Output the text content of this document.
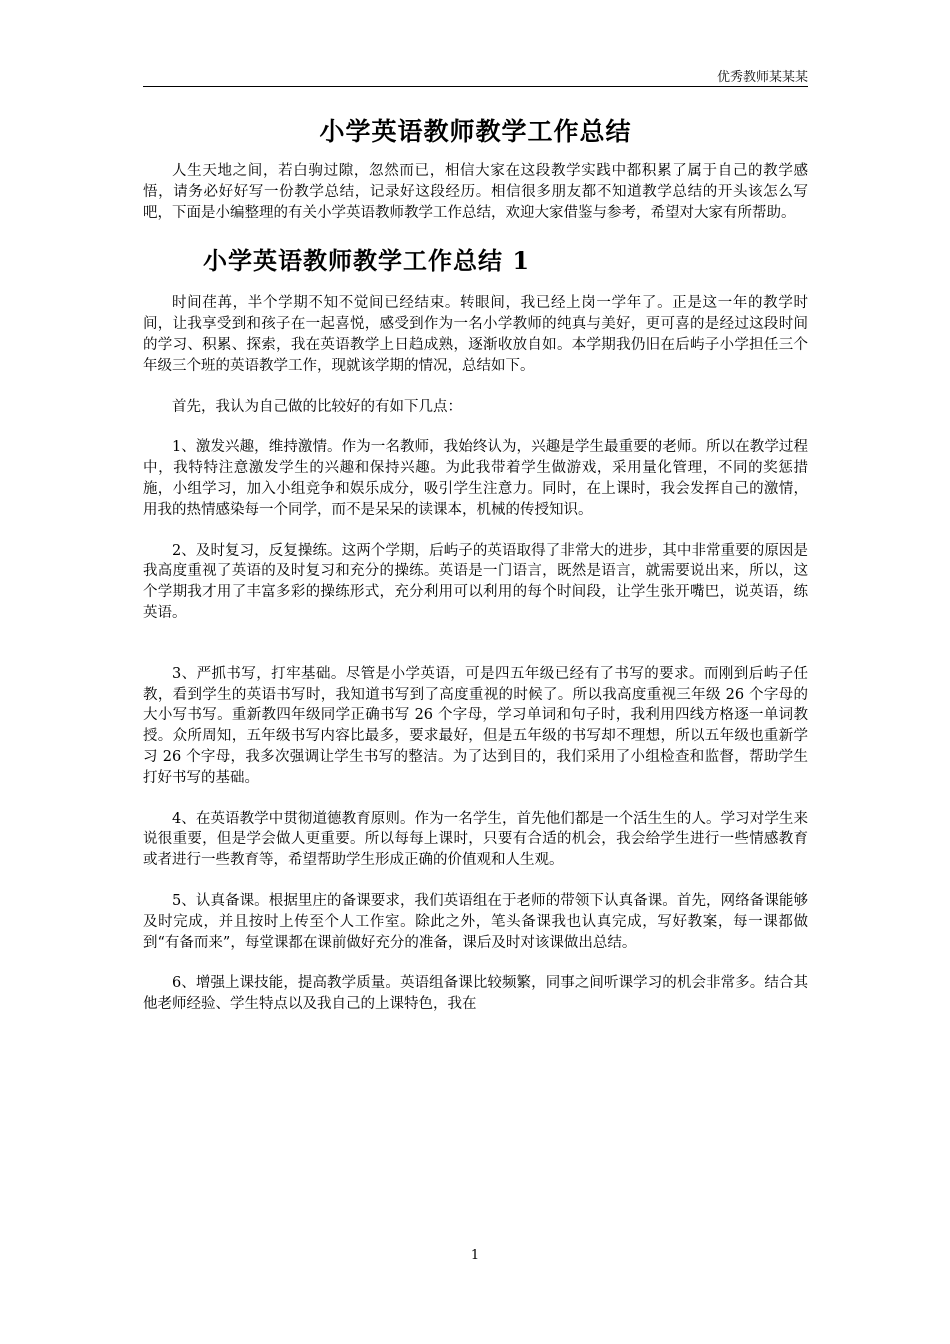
优秀教师某某某
小学英语教师教学工作总结

人生天地之间，若白驹过隙，忽然而已，相信大家在这段教学实践中都积累了属于自己的教学感悟，请务必好好写一份教学总结，记录好这段经历。相信很多朋友都不知道教学总结的开头该怎么写吧，下面是小编整理的有关小学英语教师教学工作总结，欢迎大家借鉴与参考，希望对大家有所帮助。

小学英语教师教学工作总结 1

时间荏苒，半个学期不知不觉间已经结束。转眼间，我已经上岗一学年了。正是这一年的教学时间，让我享受到和孩子在一起喜悦，感受到作为一名小学教师的纯真与美好，更可喜的是经过这段时间的学习、积累、探索，我在英语教学上日趋成熟，逐渐收放自如。本学期我仍旧在后屿子小学担任三个年级三个班的英语教学工作，现就该学期的情况，总结如下。

首先，我认为自己做的比较好的有如下几点：

1、激发兴趣，维持激情。作为一名教师，我始终认为，兴趣是学生最重要的老师。所以在教学过程中，我特特注意激发学生的兴趣和保持兴趣。为此我带着学生做游戏，采用量化管理，不同的奖惩措施，小组学习，加入小组竞争和娱乐成分，吸引学生注意力。同时，在上课时，我会发挥自己的激情，用我的热情感染每一个同学，而不是呆呆的读课本，机械的传授知识。

2、及时复习，反复操练。这两个学期，后屿子的英语取得了非常大的进步，其中非常重要的原因是我高度重视了英语的及时复习和充分的操练。英语是一门语言，既然是语言，就需要说出来，所以，这个学期我才用了丰富多彩的操练形式，充分利用可以利用的每个时间段，让学生张开嘴巴，说英语，练英语。

3、严抓书写，打牢基础。尽管是小学英语，可是四五年级已经有了书写的要求。而刚到后屿子任教，看到学生的英语书写时，我知道书写到了高度重视的时候了。所以我高度重视三年级 26 个字母的大小写书写。重新教四年级同学正确书写 26 个字母，学习单词和句子时，我利用四线方格逐一单词教授。众所周知，五年级书写内容比最多，要求最好，但是五年级的书写却不理想，所以五年级也重新学习 26 个字母，我多次强调让学生书写的整洁。为了达到目的，我们采用了小组检查和监督，帮助学生打好书写的基础。

4、在英语教学中贯彻道德教育原则。作为一名学生，首先他们都是一个活生生的人。学习对学生来说很重要，但是学会做人更重要。所以每每上课时，只要有合适的机会，我会给学生进行一些情感教育或者进行一些教育等，希望帮助学生形成正确的价值观和人生观。

5、认真备课。根据里庄的备课要求，我们英语组在于老师的带领下认真备课。首先，网络备课能够及时完成，并且按时上传至个人工作室。除此之外，笔头备课我也认真完成，写好教案，每一课都做到“有备而来”，每堂课都在课前做好充分的准备，课后及时对该课做出总结。

6、增强上课技能，提高教学质量。英语组备课比较频繁，同事之间听课学习的机会非常多。结合其他老师经验、学生特点以及我自己的上课特色，我在

1
